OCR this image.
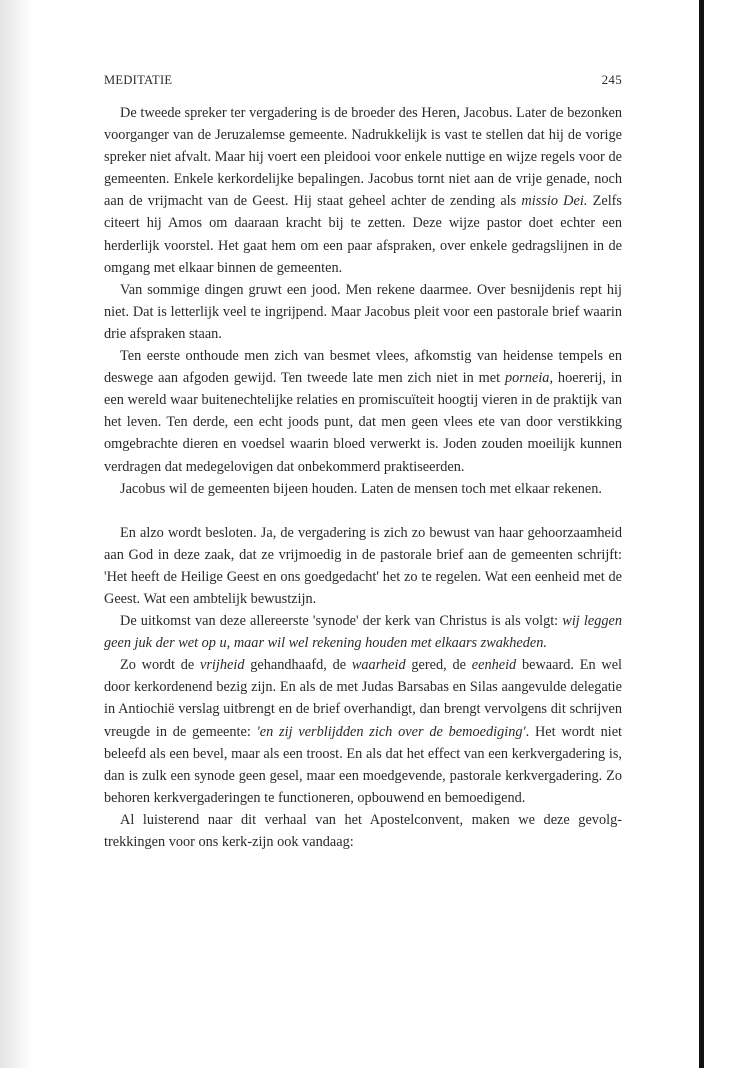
MEDITATIE	245

De tweede spreker ter vergadering is de broeder des Heren, Jacobus. Later de bezonken voorganger van de Jeruzalemse gemeente. Nadrukkelijk is vast te stellen dat hij de vorige spreker niet afvalt. Maar hij voert een pleidooi voor enkele nuttige en wijze regels voor de gemeenten. Enkele kerkordelijke bepalingen. Jacobus tornt niet aan de vrije genade, noch aan de vrijmacht van de Geest. Hij staat geheel achter de zending als missio Dei. Zelfs citeert hij Amos om daaraan kracht bij te zetten. Deze wijze pastor doet echter een herderlijk voorstel. Het gaat hem om een paar afspraken, over enkele gedragslijnen in de omgang met elkaar binnen de gemeenten.

Van sommige dingen gruwt een jood. Men rekene daarmee. Over besnijdenis rept hij niet. Dat is letterlijk veel te ingrijpend. Maar Jacobus pleit voor een pastorale brief waarin drie afspraken staan.

Ten eerste onthoude men zich van besmet vlees, afkomstig van heidense tempels en deswege aan afgoden gewijd. Ten tweede late men zich niet in met porneia, hoererij, in een wereld waar buitenechtelijke relaties en promiscuïteit hoogtij vieren in de praktijk van het leven. Ten derde, een echt joods punt, dat men geen vlees ete van door verstikking omgebrachte dieren en voedsel waarin bloed verwerkt is. Joden zouden moeilijk kunnen verdragen dat medegelovigen dat onbekommerd praktiseerden.

Jacobus wil de gemeenten bijeen houden. Laten de mensen toch met elkaar rekenen.

En alzo wordt besloten. Ja, de vergadering is zich zo bewust van haar gehoorzaamheid aan God in deze zaak, dat ze vrijmoedig in de pastorale brief aan de gemeenten schrijft: 'Het heeft de Heilige Geest en ons goedgedacht' het zo te regelen. Wat een eenheid met de Geest. Wat een ambtelijk bewustzijn.

De uitkomst van deze allereerste 'synode' der kerk van Christus is als volgt: wij leggen geen juk der wet op u, maar wil wel rekening houden met elkaars zwakheden.

Zo wordt de vrijheid gehandhaafd, de waarheid gered, de eenheid bewaard. En wel door kerkordenend bezig zijn. En als de met Judas Barsabas en Silas aangevulde delegatie in Antiochië verslag uitbrengt en de brief overhandigt, dan brengt vervolgens dit schrijven vreugde in de gemeente: 'en zij verblijdden zich over de bemoediging'. Het wordt niet beleefd als een bevel, maar als een troost. En als dat het effect van een kerkvergadering is, dan is zulk een synode geen gesel, maar een moedgevende, pastorale kerkvergadering. Zo behoren kerkvergaderingen te functioneren, opbouwend en bemoedigend.

Al luisterend naar dit verhaal van het Apostelconvent, maken we deze gevolgtrekkingen voor ons kerk-zijn ook vandaag:
